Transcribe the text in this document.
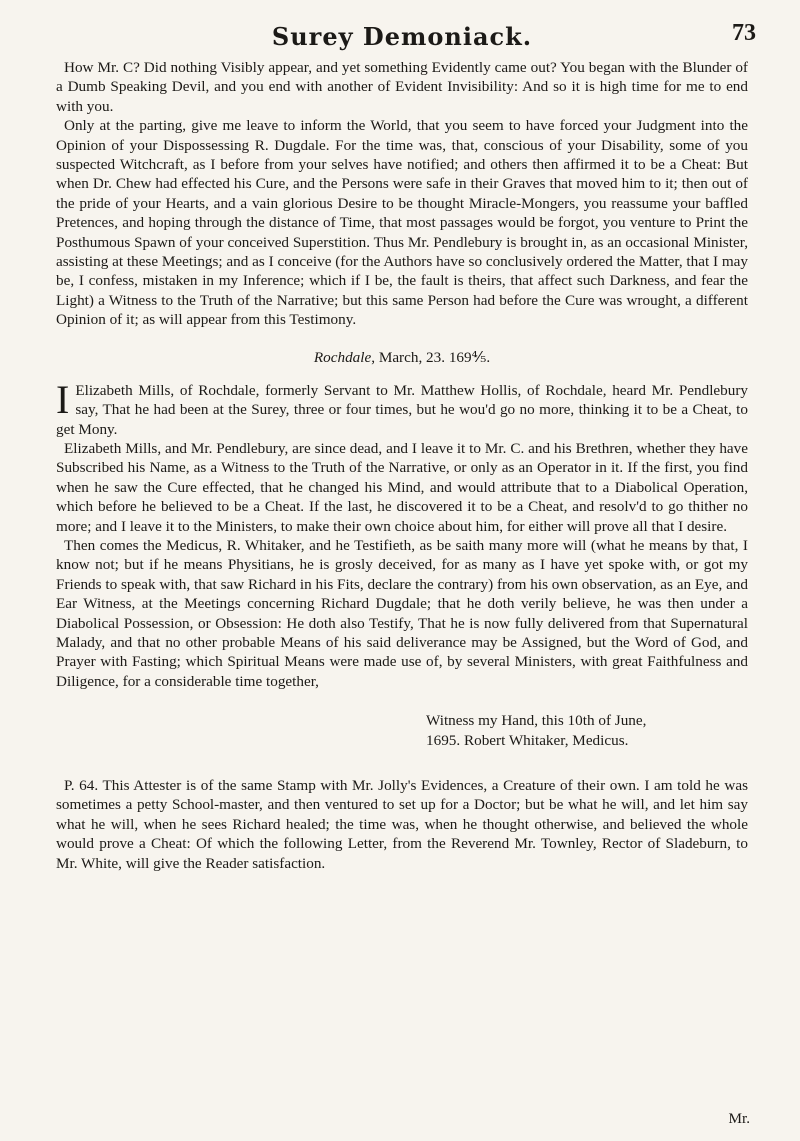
Surey Demoniack.	73

How Mr. C? Did nothing Visibly appear, and yet something Evidently came out? You began with the Blunder of a Dumb Speaking Devil, and you end with another of Evident Invisibility: And so it is high time for me to end with you.

Only at the parting, give me leave to inform the World, that you seem to have forced your Judgment into the Opinion of your Dispossessing R. Dugdale. For the time was, that, conscious of your Disability, some of you suspected Witchcraft, as I before from your selves have notified; and others then affirmed it to be a Cheat: But when Dr. Chew had effected his Cure, and the Persons were safe in their Graves that moved him to it; then out of the pride of your Hearts, and a vain glorious Desire to be thought Miracle-Mongers, you reassume your baffled Pretences, and hoping through the distance of Time, that most passages would be forgot, you venture to Print the Posthumous Spawn of your conceived Superstition. Thus Mr. Pendlebury is brought in, as an occasional Minister, assisting at these Meetings; and as I conceive (for the Authors have so conclusively ordered the Matter, that I may be, I confess, mistaken in my Inference; which if I be, the fault is theirs, that affect such Darkness, and fear the Light) a Witness to the Truth of the Narrative; but this same Person had before the Cure was wrought, a different Opinion of it; as will appear from this Testimony.

Rochdale, March, 23. 169⅘.

I Elizabeth Mills, of Rochdale, formerly Servant to Mr. Matthew Hollis, of Rochdale, heard Mr. Pendlebury say, That he had been at the Surey, three or four times, but he wou'd go no more, thinking it to be a Cheat, to get Mony.

Elizabeth Mills, and Mr. Pendlebury, are since dead, and I leave it to Mr. C. and his Brethren, whether they have Subscribed his Name, as a Witness to the Truth of the Narrative, or only as an Operator in it. If the first, you find when he saw the Cure effected, that he changed his Mind, and would attribute that to a Diabolical Operation, which before he believed to be a Cheat. If the last, he discovered it to be a Cheat, and resolv'd to go thither no more; and I leave it to the Ministers, to make their own choice about him, for either will prove all that I desire.

Then comes the Medicus, R. Whitaker, and he Testifieth, as be saith many more will (what he means by that, I know not; but if he means Physitians, he is grosly deceived, for as many as I have yet spoke with, or got my Friends to speak with, that saw Richard in his Fits, declare the contrary) from his own observation, as an Eye, and Ear Witness, at the Meetings concerning Richard Dugdale; that he doth verily believe, he was then under a Diabolical Possession, or Obsession: He doth also Testify, That he is now fully delivered from that Supernatural Malady, and that no other probable Means of his said deliverance may be Assigned, but the Word of God, and Prayer with Fasting; which Spiritual Means were made use of, by several Ministers, with great Faithfulness and Diligence, for a considerable time together,

Witness my Hand, this 10th of June,
1695. Robert Whitaker, Medicus.

P. 64. This Attester is of the same Stamp with Mr. Jolly's Evidences, a Creature of their own. I am told he was sometimes a petty School-master, and then ventured to set up for a Doctor; but be what he will, and let him say what he will, when he sees Richard healed; the time was, when he thought otherwise, and believed the whole would prove a Cheat: Of which the following Letter, from the Reverend Mr. Townley, Rector of Sladeburn, to Mr. White, will give the Reader satisfaction.

Mr.
